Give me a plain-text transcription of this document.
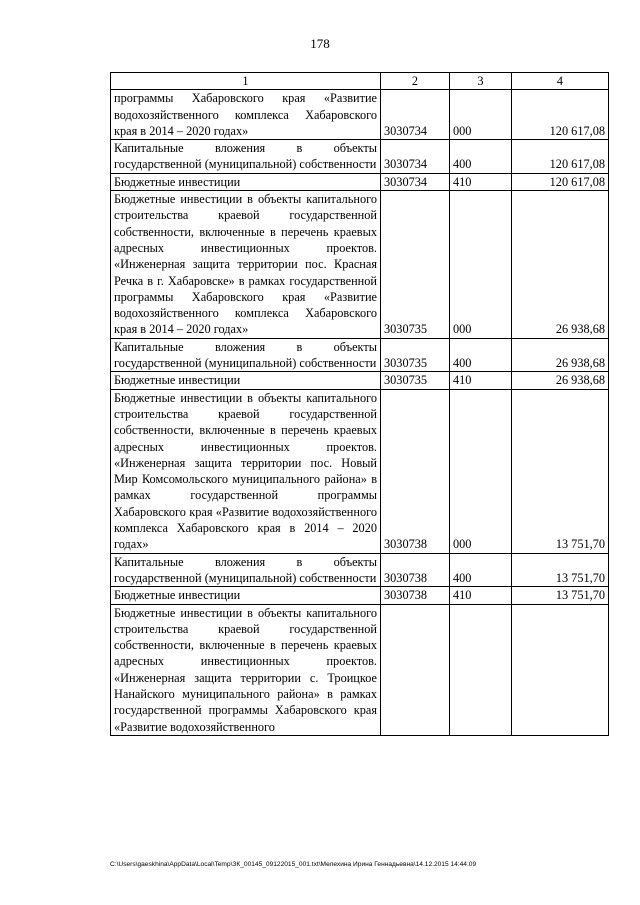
178
1	2	3	4
программы Хабаровского края «Развитие водохозяйственного комплекса Хабаровского края в 2014 – 2020 годах»	3030734	000	120 617,08
Капитальные вложения в объекты государственной (муниципальной) собственности	3030734	400	120 617,08
Бюджетные инвестиции	3030734	410	120 617,08
Бюджетные инвестиции в объекты капитального строительства краевой государственной собственности, включенные в перечень краевых адресных инвестиционных проектов. «Инженерная защита территории пос. Красная Речка в г. Хабаровске» в рамках государственной программы Хабаровского края «Развитие водохозяйственного комплекса Хабаровского края в 2014 – 2020 годах»	3030735	000	26 938,68
Капитальные вложения в объекты государственной (муниципальной) собственности	3030735	400	26 938,68
Бюджетные инвестиции	3030735	410	26 938,68
Бюджетные инвестиции в объекты капитального строительства краевой государственной собственности, включенные в перечень краевых адресных инвестиционных проектов. «Инженерная защита территории пос. Новый Мир Комсомольского муниципального района» в рамках государственной программы Хабаровского края «Развитие водохозяйственного комплекса Хабаровского края в 2014 – 2020 годах»	3030738	000	13 751,70
Капитальные вложения в объекты государственной (муниципальной) собственности	3030738	400	13 751,70
Бюджетные инвестиции	3030738	410	13 751,70
Бюджетные инвестиции в объекты капитального строительства краевой государственной собственности, включенные в перечень краевых адресных инвестиционных проектов. «Инженерная защита территории с. Троицкое Нанайского муниципального района» в рамках государственной программы Хабаровского края «Развитие водохозяйственного			
C:\Users\gaeskhina\AppData\Local\Temp\ЗК_00145_09122015_001.txt\Мелехина Ирина Геннадьевна\14.12.2015 14:44:09
